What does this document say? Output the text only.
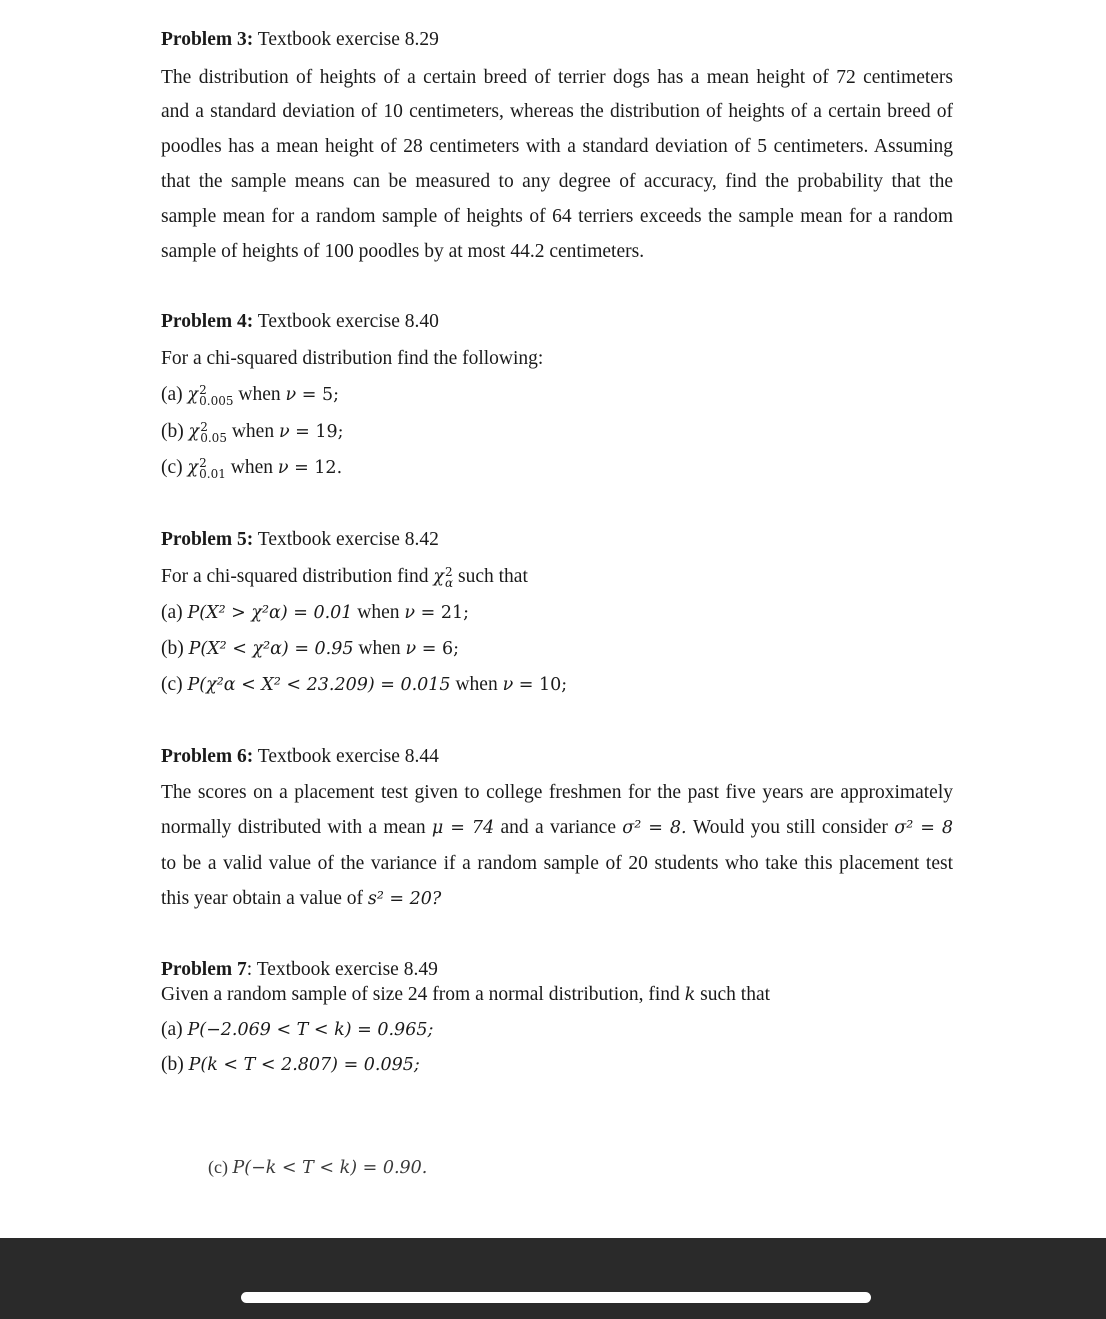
Problem 3: Textbook exercise 8.29

The distribution of heights of a certain breed of terrier dogs has a mean height of 72 centimeters

and a standard deviation of 10 centimeters, whereas the distribution of heights of a certain breed of

poodles has a mean height of 28 centimeters with a standard deviation of 5 centimeters. Assuming

that the sample means can be measured to any degree of accuracy, find the probability that the

sample mean for a random sample of heights of 64 terriers exceeds the sample mean for a random

sample of heights of 100 poodles by at most 44.2 centimeters.

Problem 4: Textbook exercise 8.40

For a chi-squared distribution find the following:

(a) χ 2
0.005 when ν = 5;

(b) χ 2
0.05 when ν = 19;

(c) χ 2
0.01 when ν = 12.

Problem 5: Textbook exercise 8.42

For a chi-squared distribution find χ 2
α such that

(a) P(X² > χ²α) = 0.01 when ν = 21;

(b) P(X² < χ²α) = 0.95 when ν = 6;

(c) P(χ²α < X² < 23.209) = 0.015 when ν = 10;

Problem 6: Textbook exercise 8.44

The scores on a placement test given to college freshmen for the past five years are approximately

normally distributed with a mean μ = 74 and a variance σ² = 8. Would you still consider σ² = 8

to be a valid value of the variance if a random sample of 20 students who take this placement test

this year obtain a value of s² = 20?

Problem 7: Textbook exercise 8.49

Given a random sample of size 24 from a normal distribution, find k such that

(a) P(−2.069 < T < k) = 0.965;

(b) P(k < T < 2.807) = 0.095;

(c) P(−k < T < k) = 0.90.
